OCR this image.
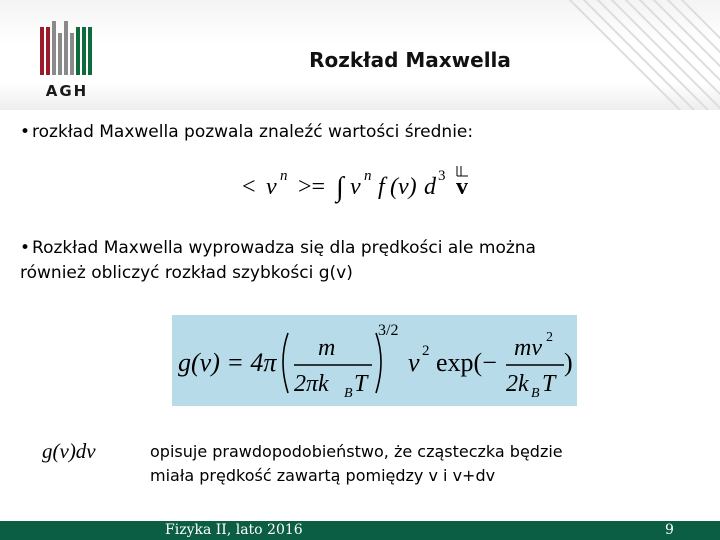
AGH
Rozkład Maxwella
• rozkład Maxwella pozwala znaleźć wartości średnie:
< v n >= ∫ v n f (v) d 3 v
• Rozkład Maxwella wyprowadza się dla prędkości ale można
również obliczyć rozkład szybkości g(v)
g(v) = 4π m
2πk B T
3/2
v 2 exp(− mv 2
2k B T
)
g(v)dv	opisuje prawdopodobieństwo, że cząsteczka będzie
miała prędkość zawartą pomiędzy v i v+dv
Fizyka II, lato 2016	9
